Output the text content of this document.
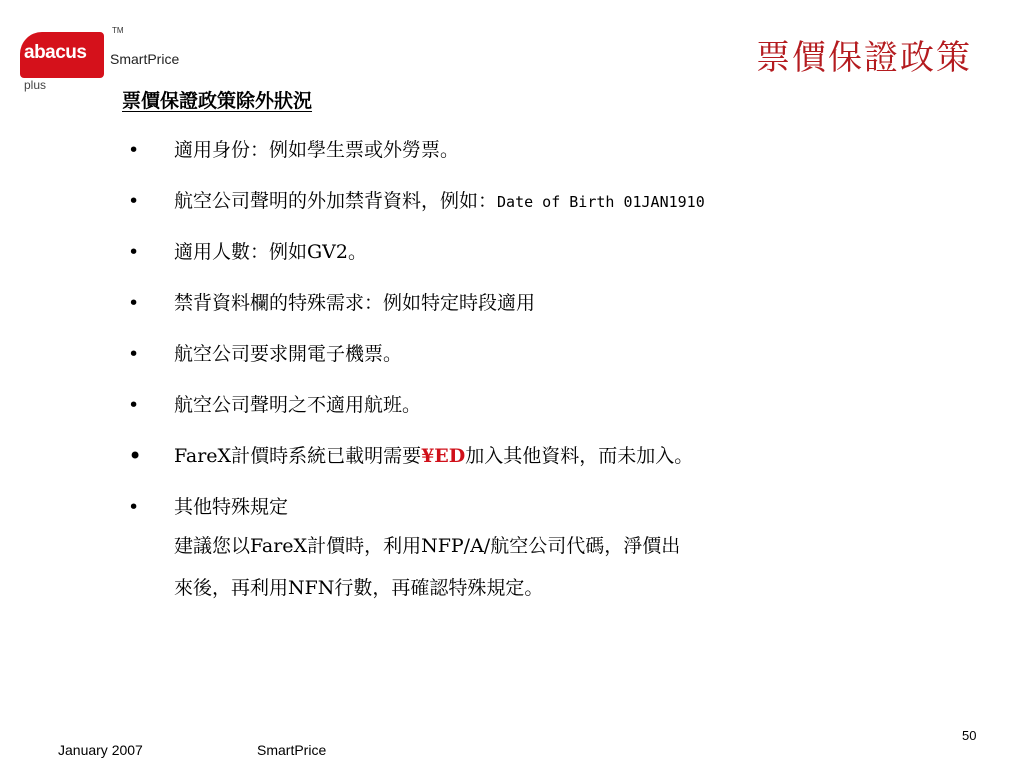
abacus
plus
TM
SmartPrice	票價保證政策
票價保證政策除外狀況
•	適用身份：例如學生票或外勞票。
•	航空公司聲明的外加禁背資料，例如：Date of Birth 01JAN1910
•	適用人數：例如GV2。
•	禁背資料欄的特殊需求：例如特定時段適用
•	航空公司要求開電子機票。
•	航空公司聲明之不適用航班。
•	FareX計價時系統已載明需要¥ED加入其他資料，而未加入。
•	其他特殊規定
建議您以FareX計價時，利用NFP/A/航空公司代碼，淨價出
來後，再利用NFN行數，再確認特殊規定。
January 2007	SmartPrice
50
